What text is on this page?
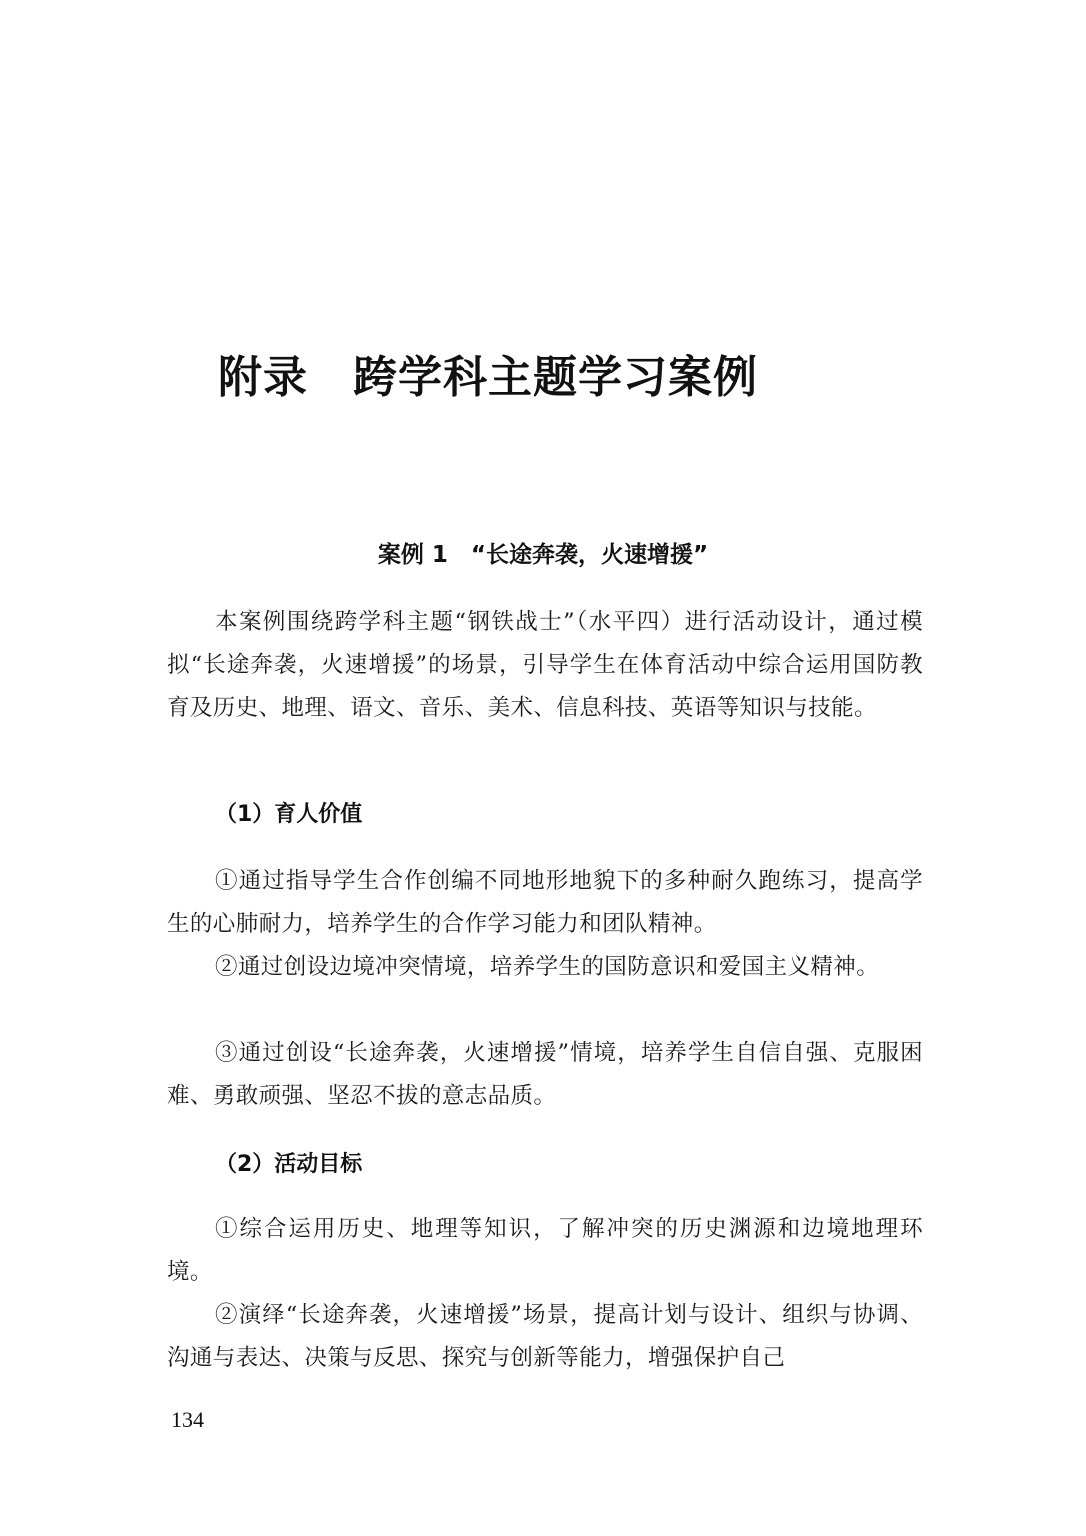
附录　跨学科主题学习案例
案例 1　“长途奔袭，火速增援”

本案例围绕跨学科主题“钢铁战士”（水平四）进行活动设计，通过模拟“长途奔袭，火速增援”的场景，引导学生在体育活动中综合运用国防教育及历史、地理、语文、音乐、美术、信息科技、英语等知识与技能。

（1）育人价值

①通过指导学生合作创编不同地形地貌下的多种耐久跑练习，提高学生的心肺耐力，培养学生的合作学习能力和团队精神。

②通过创设边境冲突情境，培养学生的国防意识和爱国主义精神。

③通过创设“长途奔袭，火速增援”情境，培养学生自信自强、克服困难、勇敢顽强、坚忍不拔的意志品质。

（2）活动目标

①综合运用历史、地理等知识，了解冲突的历史渊源和边境地理环境。

②演绎“长途奔袭，火速增援”场景，提高计划与设计、组织与协调、沟通与表达、决策与反思、探究与创新等能力，增强保护自己

134
